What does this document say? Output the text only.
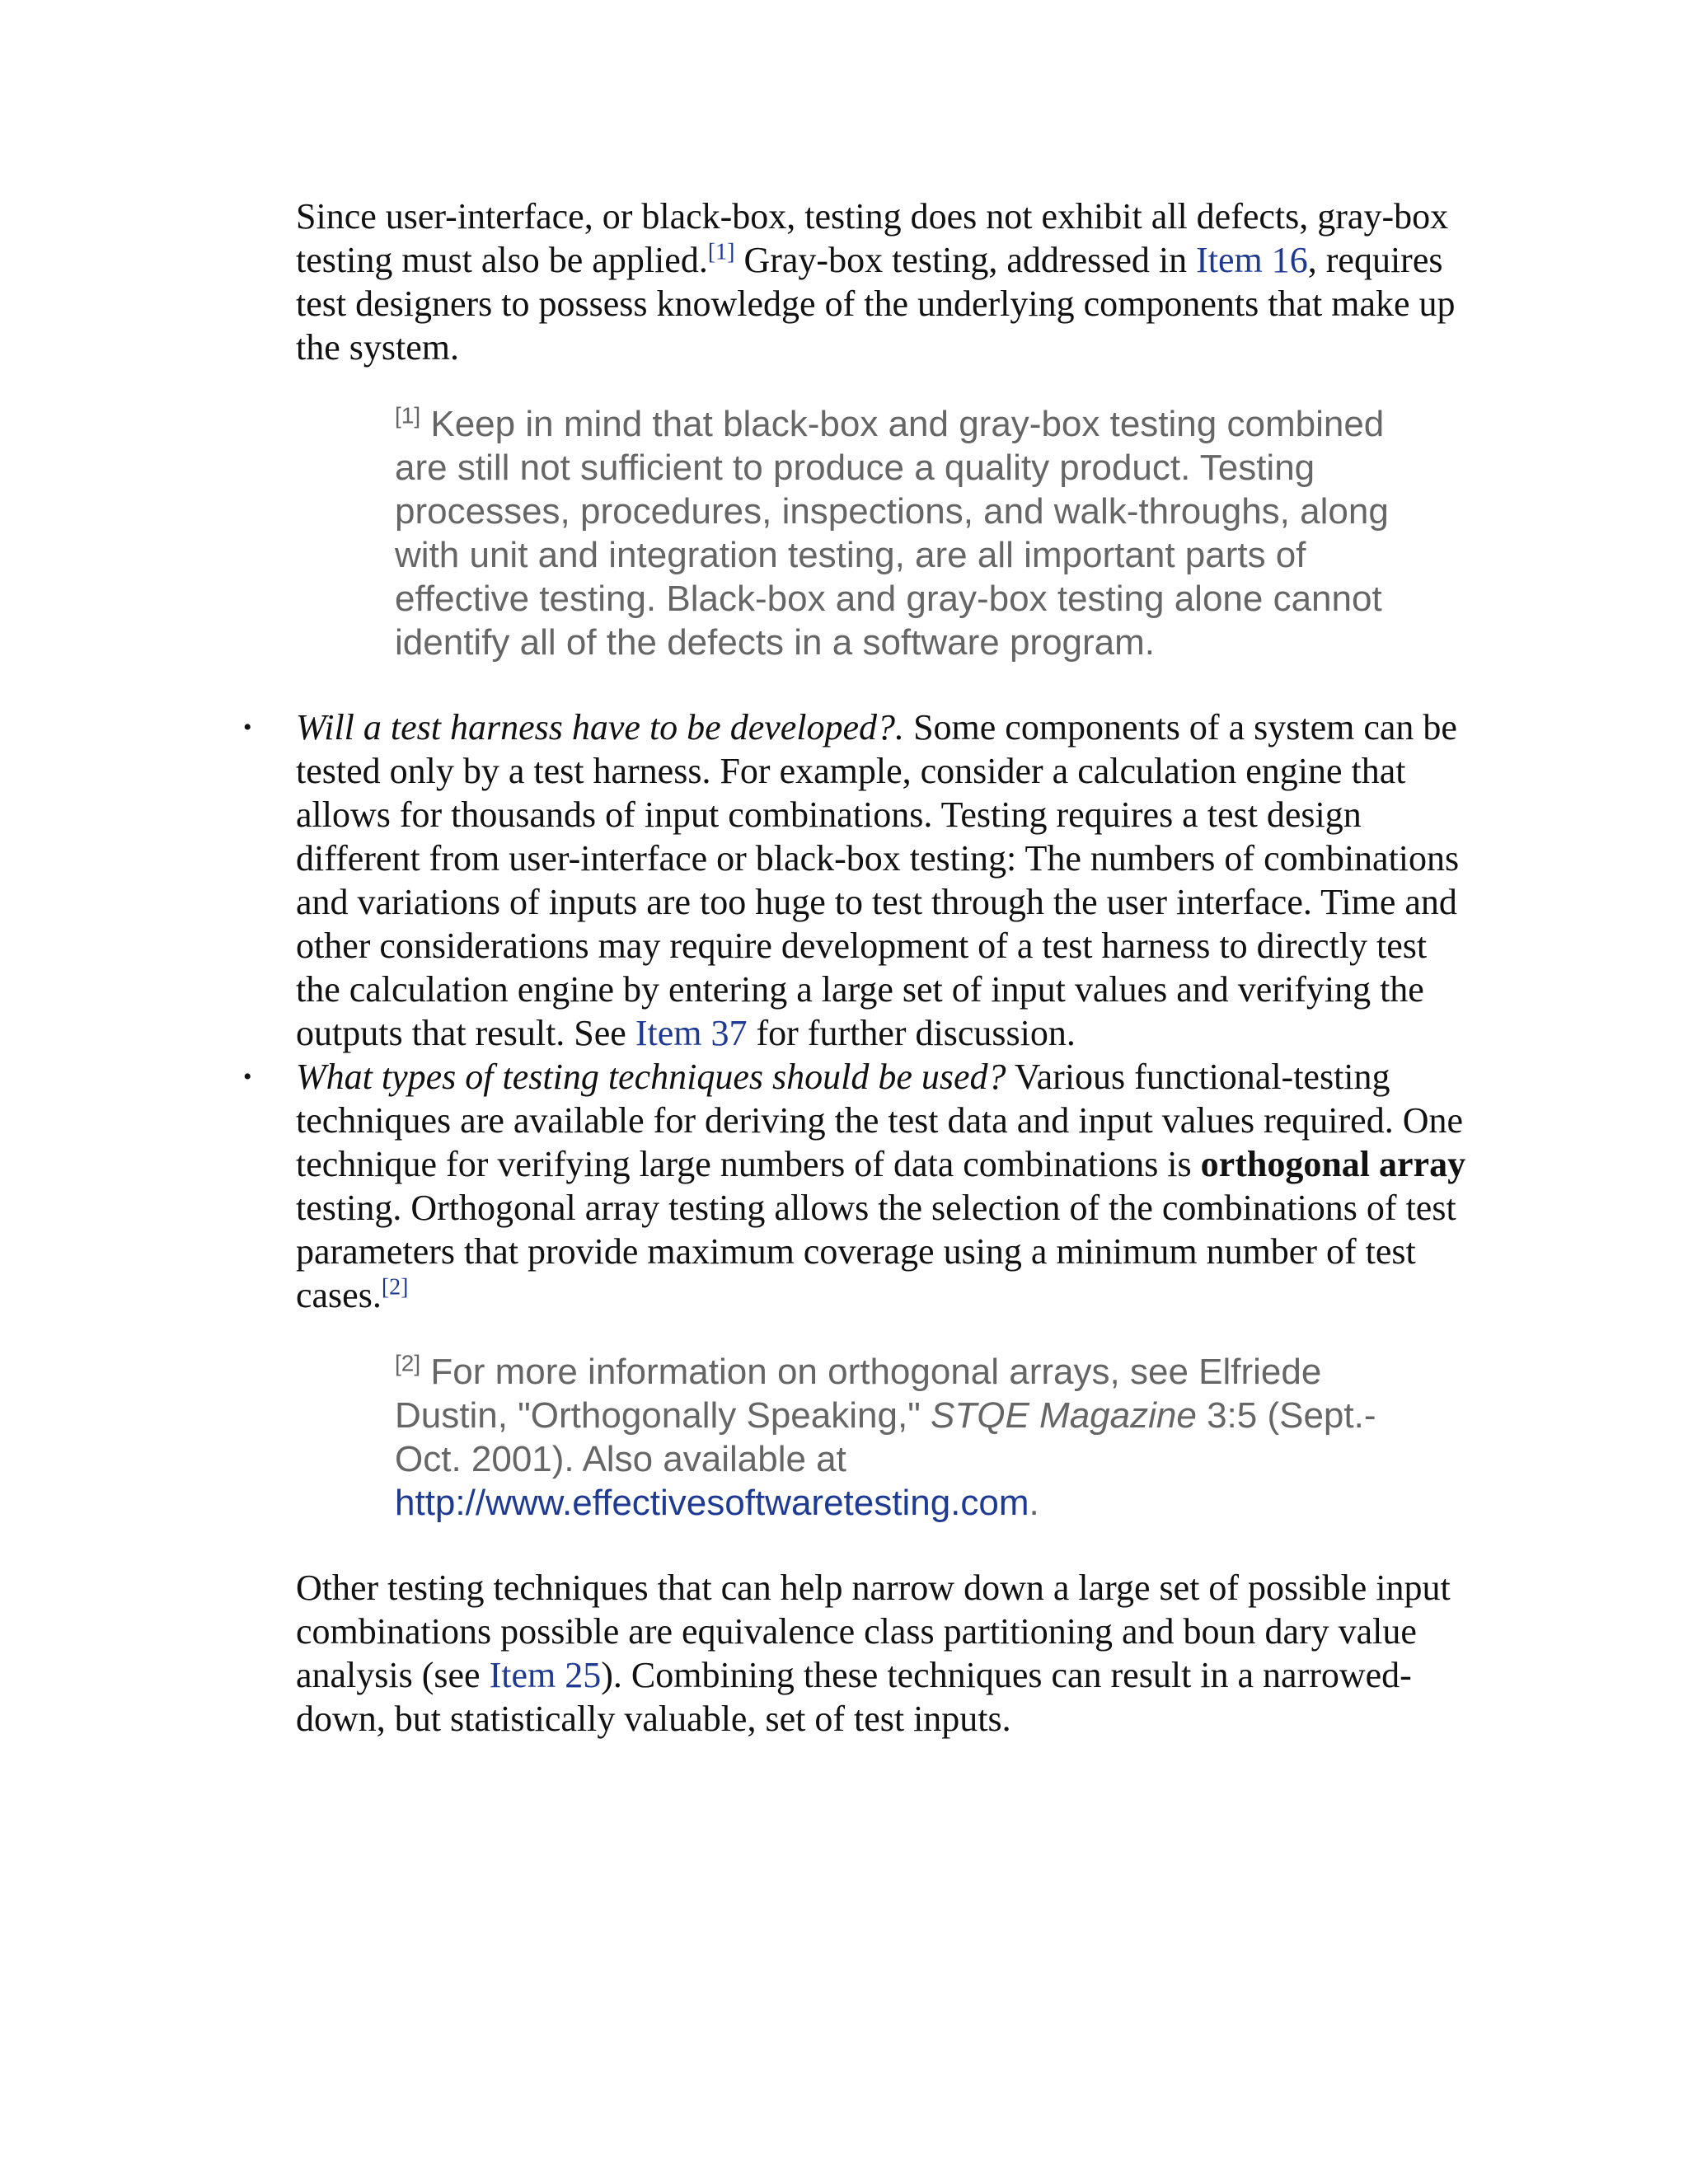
Since user-interface, or black-box, testing does not exhibit all defects, gray-box testing must also be applied.[1] Gray-box testing, addressed in Item 16, requires test designers to possess knowledge of the underlying components that make up the system.

[1] Keep in mind that black-box and gray-box testing combined are still not sufficient to produce a quality product. Testing processes, procedures, inspections, and walk-throughs, along with unit and integration testing, are all important parts of effective testing. Black-box and gray-box testing alone cannot identify all of the defects in a software program.

• Will a test harness have to be developed?. Some components of a system can be tested only by a test harness. For example, consider a calculation engine that allows for thousands of input combinations. Testing requires a test design different from user-interface or black-box testing: The numbers of combinations and variations of inputs are too huge to test through the user interface. Time and other considerations may require development of a test harness to directly test the calculation engine by entering a large set of input values and verifying the outputs that result. See Item 37 for further discussion.
• What types of testing techniques should be used? Various functional-testing techniques are available for deriving the test data and input values required. One technique for verifying large numbers of data combinations is orthogonal array testing. Orthogonal array testing allows the selection of the combinations of test parameters that provide maximum coverage using a minimum number of test cases.[2]

[2] For more information on orthogonal arrays, see Elfriede Dustin, "Orthogonally Speaking," STQE Magazine 3:5 (Sept.-Oct. 2001). Also available at http://www.effectivesoftwaretesting.com.

Other testing techniques that can help narrow down a large set of possible input combinations possible are equivalence class partitioning and boun dary value analysis (see Item 25). Combining these techniques can result in a narrowed-down, but statistically valuable, set of test inputs.
